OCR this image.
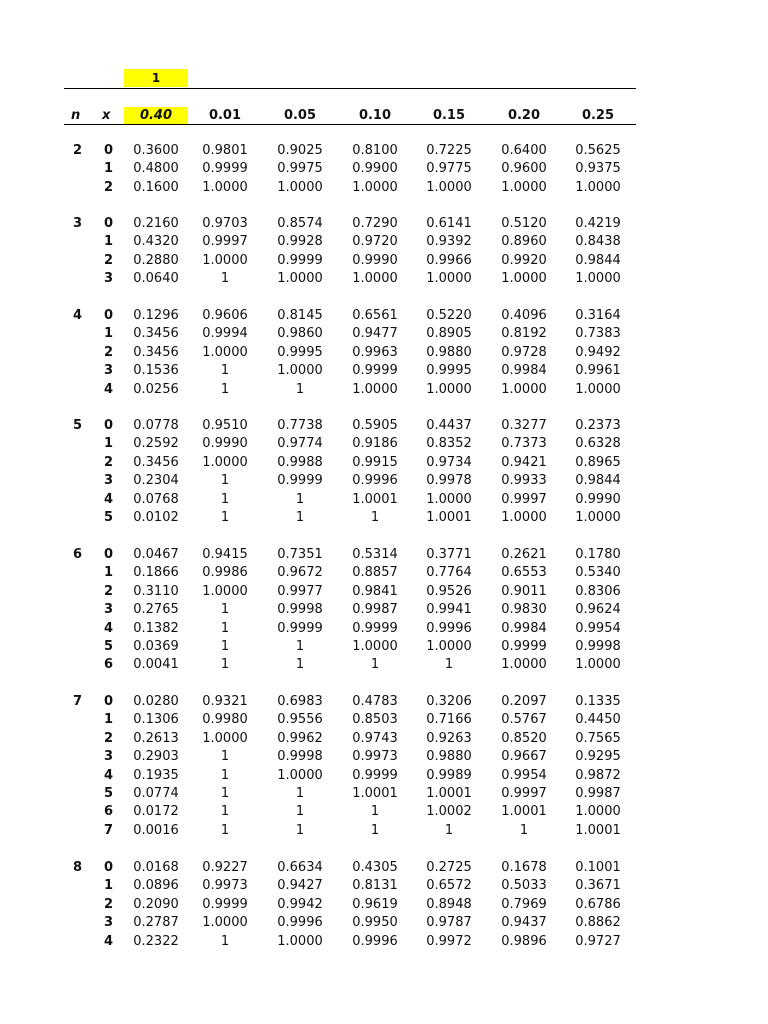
1
n x	0.40	0.01	0.05	0.10	0.15	0.20	0.25
2 0	0.3600	0.9801	0.9025	0.8100	0.7225	0.6400	0.5625
1	0.4800	0.9999	0.9975	0.9900	0.9775	0.9600	0.9375
2	0.1600	1.0000	1.0000	1.0000	1.0000	1.0000	1.0000
3 0	0.2160	0.9703	0.8574	0.7290	0.6141	0.5120	0.4219
1	0.4320	0.9997	0.9928	0.9720	0.9392	0.8960	0.8438
2	0.2880	1.0000	0.9999	0.9990	0.9966	0.9920	0.9844
3	0.0640	1	1.0000	1.0000	1.0000	1.0000	1.0000
4 0	0.1296	0.9606	0.8145	0.6561	0.5220	0.4096	0.3164
1	0.3456	0.9994	0.9860	0.9477	0.8905	0.8192	0.7383
2	0.3456	1.0000	0.9995	0.9963	0.9880	0.9728	0.9492
3	0.1536	1	1.0000	0.9999	0.9995	0.9984	0.9961
4	0.0256	1	1	1.0000	1.0000	1.0000	1.0000
5 0	0.0778	0.9510	0.7738	0.5905	0.4437	0.3277	0.2373
1	0.2592	0.9990	0.9774	0.9186	0.8352	0.7373	0.6328
2	0.3456	1.0000	0.9988	0.9915	0.9734	0.9421	0.8965
3	0.2304	1	0.9999	0.9996	0.9978	0.9933	0.9844
4	0.0768	1	1	1.0001	1.0000	0.9997	0.9990
5	0.0102	1	1	1	1.0001	1.0000	1.0000
6 0	0.0467	0.9415	0.7351	0.5314	0.3771	0.2621	0.1780
1	0.1866	0.9986	0.9672	0.8857	0.7764	0.6553	0.5340
2	0.3110	1.0000	0.9977	0.9841	0.9526	0.9011	0.8306
3	0.2765	1	0.9998	0.9987	0.9941	0.9830	0.9624
4	0.1382	1	0.9999	0.9999	0.9996	0.9984	0.9954
5	0.0369	1	1	1.0000	1.0000	0.9999	0.9998
6	0.0041	1	1	1	1	1.0000	1.0000
7 0	0.0280	0.9321	0.6983	0.4783	0.3206	0.2097	0.1335
1	0.1306	0.9980	0.9556	0.8503	0.7166	0.5767	0.4450
2	0.2613	1.0000	0.9962	0.9743	0.9263	0.8520	0.7565
3	0.2903	1	0.9998	0.9973	0.9880	0.9667	0.9295
4	0.1935	1	1.0000	0.9999	0.9989	0.9954	0.9872
5	0.0774	1	1	1.0001	1.0001	0.9997	0.9987
6	0.0172	1	1	1	1.0002	1.0001	1.0000
7	0.0016	1	1	1	1	1	1.0001
8 0	0.0168	0.9227	0.6634	0.4305	0.2725	0.1678	0.1001
1	0.0896	0.9973	0.9427	0.8131	0.6572	0.5033	0.3671
2	0.2090	0.9999	0.9942	0.9619	0.8948	0.7969	0.6786
3	0.2787	1.0000	0.9996	0.9950	0.9787	0.9437	0.8862
4	0.2322	1	1.0000	0.9996	0.9972	0.9896	0.9727
